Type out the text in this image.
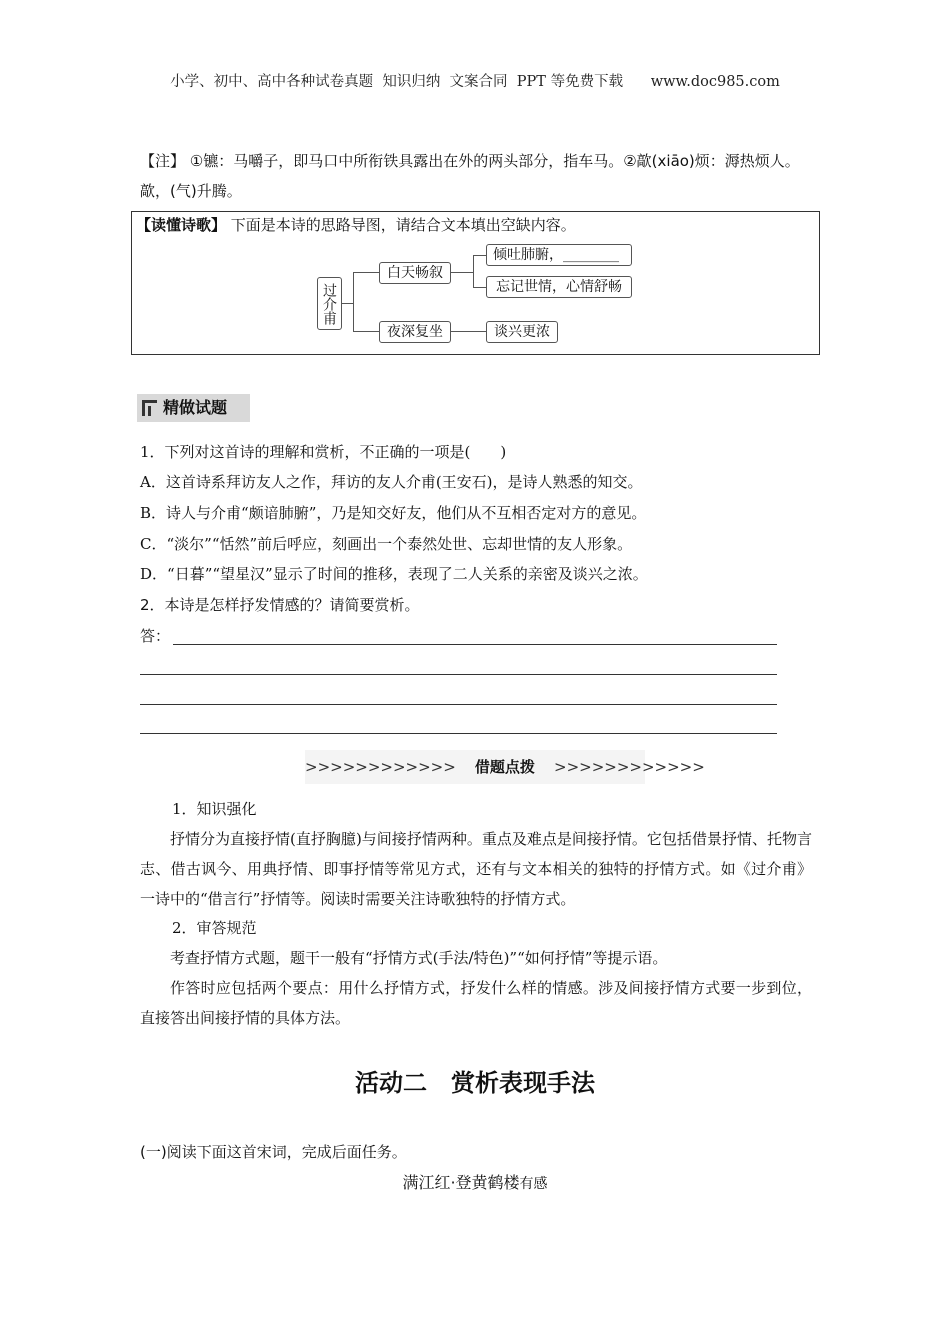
小学、初中、高中各种试卷真题  知识归纳  文案合同  PPT 等免费下载      www.doc985.com
【注】 ①镳：马嚼子，即马口中所衔铁具露出在外的两头部分，指车马。②歊(xiāo)烦：溽热烦人。歊，(气)升腾。
【读懂诗歌】 下面是本诗的思路导图，请结合文本填出空缺内容。
过介甫
白天畅叙
夜深复坐
倾吐肺腑，________
忘记世情，心情舒畅
谈兴更浓
精做试题
1．下列对这首诗的理解和赏析，不正确的一项是(　　)
A．这首诗系拜访友人之作，拜访的友人介甫(王安石)，是诗人熟悉的知交。
B．诗人与介甫“颇谙肺腑”，乃是知交好友，他们从不互相否定对方的意见。
C．“淡尔”“恬然”前后呼应，刻画出一个泰然处世、忘却世情的友人形象。
D．“日暮”“望星汉”显示了时间的推移，表现了二人关系的亲密及谈兴之浓。
2．本诗是怎样抒发情感的？请简要赏析。
答：
>>>>>>>>>>>> 借题点拨 >>>>>>>>>>>>
1．知识强化
抒情分为直接抒情(直抒胸臆)与间接抒情两种。重点及难点是间接抒情。它包括借景抒情、托物言志、借古讽今、用典抒情、即事抒情等常见方式，还有与文本相关的独特的抒情方式。如《过介甫》一诗中的“借言行”抒情等。阅读时需要关注诗歌独特的抒情方式。
2．审答规范
考查抒情方式题，题干一般有“抒情方式(手法/特色)”“如何抒情”等提示语。
作答时应包括两个要点：用什么抒情方式，抒发什么样的情感。涉及间接抒情方式要一步到位，直接答出间接抒情的具体方法。
活动二　赏析表现手法
(一)阅读下面这首宋词，完成后面任务。
满江红·登黄鹤楼有感
